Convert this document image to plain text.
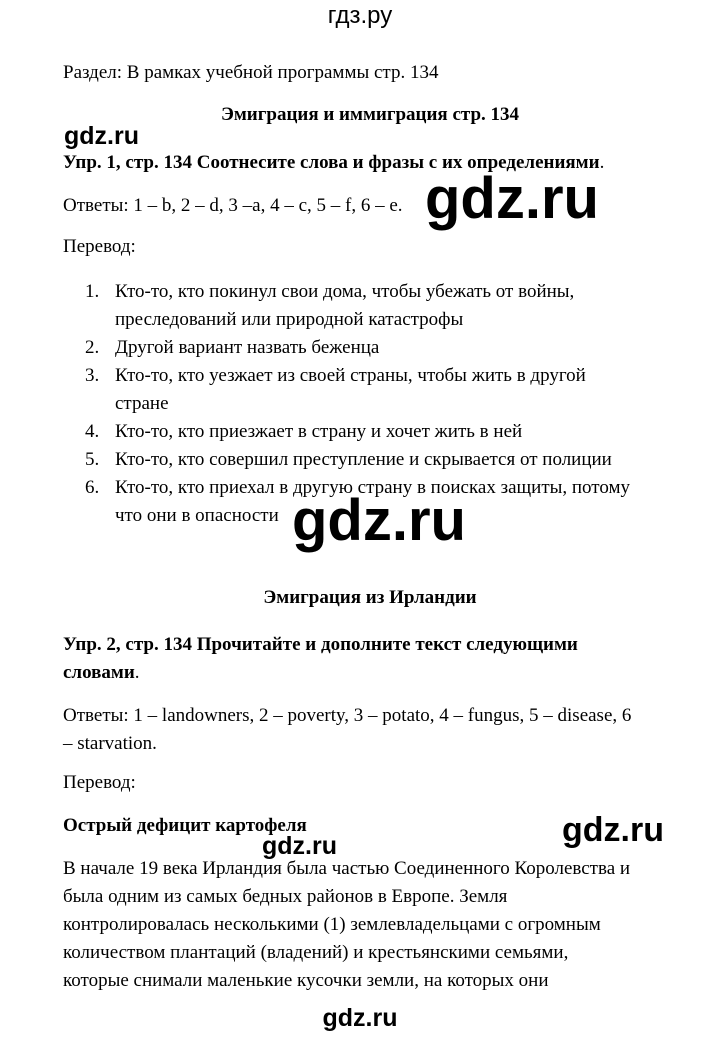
гдз.ру
Раздел: В рамках учебной программы стр. 134
Эмиграция и иммиграция стр. 134
gdz.ru
Упр. 1, стр. 134 Соотнесите слова и фразы с их определениями.
Ответы: 1 – b, 2 – d, 3 –a, 4 – c, 5 – f, 6 – e. gdz.ru
Перевод:
1. Кто-то, кто покинул свои дома, чтобы убежать от войны,
преследований или природной катастрофы
2. Другой вариант назвать беженца
3. Кто-то, кто уезжает из своей страны, чтобы жить в другой
стране
4. Кто-то, кто приезжает в страну и хочет жить в ней
5. Кто-то, кто совершил преступление и скрывается от полиции
6. Кто-то, кто приехал в другую страну в поисках защиты, потому
что они в опасности gdz.ru
Эмиграция из Ирландии
Упр. 2, стр. 134 Прочитайте и дополните текст следующими
словами.
Ответы: 1 – landowners, 2 – poverty, 3 – potato, 4 – fungus, 5 – disease, 6
– starvation.
Перевод:
Острый дефицит картофеля
gdz.ru	gdz.ru
В начале 19 века Ирландия была частью Соединенного Королевства и
была одним из самых бедных районов в Европе. Земля
контролировалась несколькими (1) землевладельцами с огромным
количеством плантаций (владений) и крестьянскими семьями,
которые снимали маленькие кусочки земли, на которых они
gdz.ru
